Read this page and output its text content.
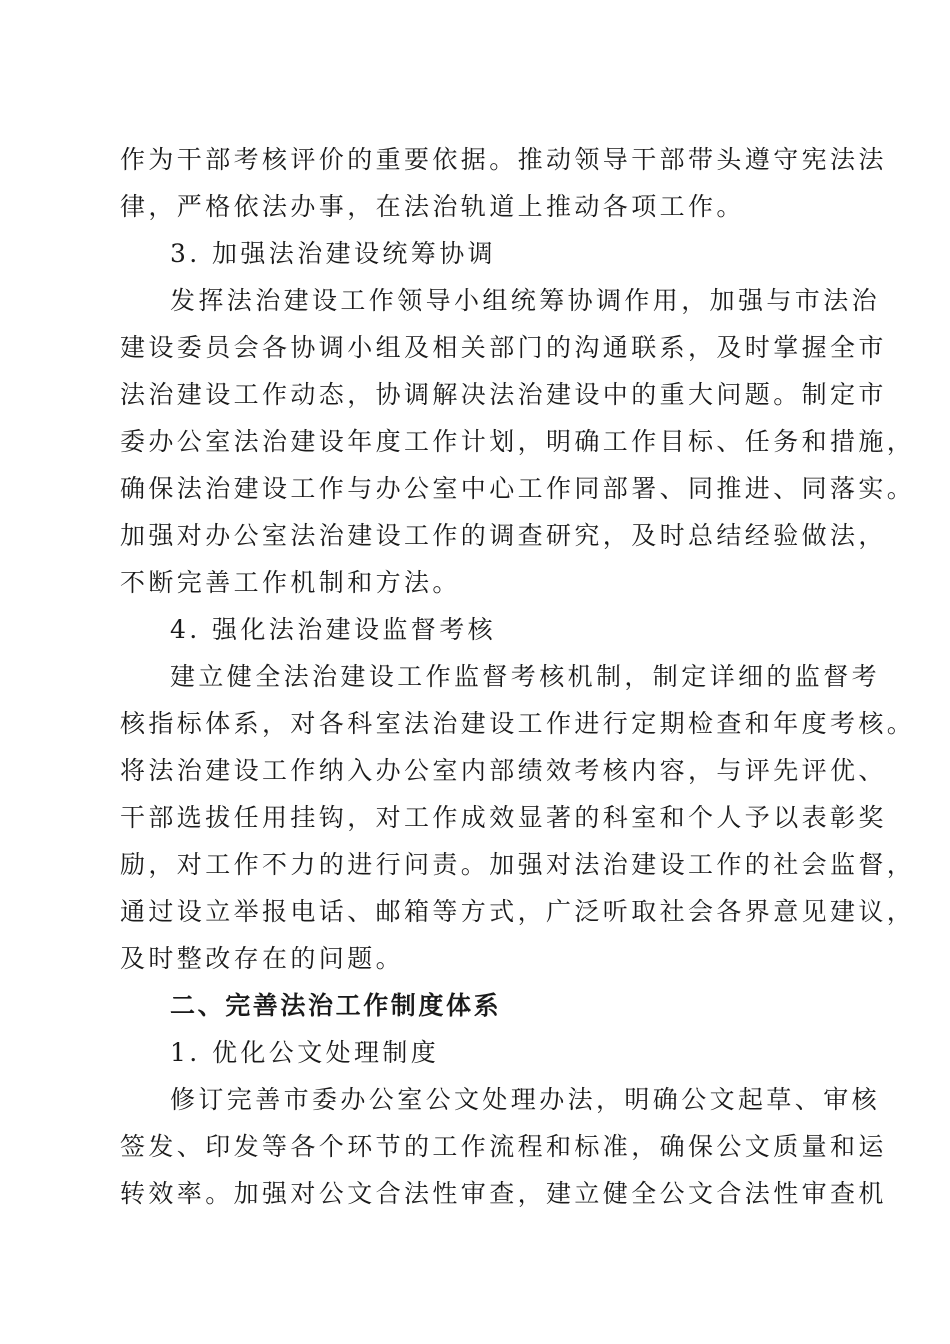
作为干部考核评价的重要依据。推动领导干部带头遵守宪法法
律，严格依法办事，在法治轨道上推动各项工作。
3. 加强法治建设统筹协调
发挥法治建设工作领导小组统筹协调作用，加强与市法治
建设委员会各协调小组及相关部门的沟通联系，及时掌握全市
法治建设工作动态，协调解决法治建设中的重大问题。制定市
委办公室法治建设年度工作计划，明确工作目标、任务和措施，
确保法治建设工作与办公室中心工作同部署、同推进、同落实。
加强对办公室法治建设工作的调查研究，及时总结经验做法，
不断完善工作机制和方法。
4. 强化法治建设监督考核
建立健全法治建设工作监督考核机制，制定详细的监督考
核指标体系，对各科室法治建设工作进行定期检查和年度考核。
将法治建设工作纳入办公室内部绩效考核内容，与评先评优、
干部选拔任用挂钩，对工作成效显著的科室和个人予以表彰奖
励，对工作不力的进行问责。加强对法治建设工作的社会监督，
通过设立举报电话、邮箱等方式，广泛听取社会各界意见建议，
及时整改存在的问题。
二、完善法治工作制度体系
1. 优化公文处理制度
修订完善市委办公室公文处理办法，明确公文起草、审核
签发、印发等各个环节的工作流程和标准，确保公文质量和运
转效率。加强对公文合法性审查，建立健全公文合法性审查机
